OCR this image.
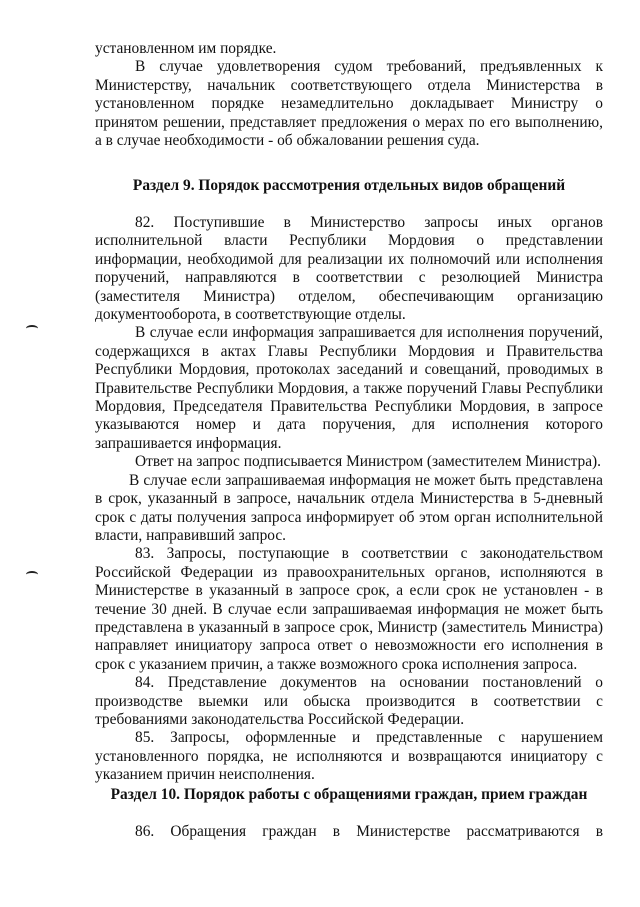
установленном им порядке.

В случае удовлетворения судом требований, предъявленных к Министерству, начальник соответствующего отдела Министерства в установленном порядке незамедлительно докладывает Министру о принятом решении, представляет предложения о мерах по его выполнению, а в случае необходимости - об обжаловании решения суда.

Раздел 9. Порядок рассмотрения отдельных видов обращений

82. Поступившие в Министерство запросы иных органов исполнительной власти Республики Мордовия о представлении информации, необходимой для реализации их полномочий или исполнения поручений, направляются в соответствии с резолюцией Министра (заместителя Министра) отделом, обеспечивающим организацию документооборота, в соответствующие отделы.

В случае если информация запрашивается для исполнения поручений, содержащихся в актах Главы Республики Мордовия и Правительства Республики Мордовия, протоколах заседаний и совещаний, проводимых в Правительстве Республики Мордовия, а также поручений Главы Республики Мордовия, Председателя Правительства Республики Мордовия, в запросе указываются номер и дата поручения, для исполнения которого запрашивается информация.

Ответ на запрос подписывается Министром (заместителем Министра).

В случае если запрашиваемая информация не может быть представлена в срок, указанный в запросе, начальник отдела Министерства в 5-дневный срок с даты получения запроса информирует об этом орган исполнительной власти, направивший запрос.

83. Запросы, поступающие в соответствии с законодательством Российской Федерации из правоохранительных органов, исполняются в Министерстве в указанный в запросе срок, а если срок не установлен - в течение 30 дней. В случае если запрашиваемая информация не может быть представлена в указанный в запросе срок, Министр (заместитель Министра) направляет инициатору запроса ответ о невозможности его исполнения в срок с указанием причин, а также возможного срока исполнения запроса.

84. Представление документов на основании постановлений о производстве выемки или обыска производится в соответствии с требованиями законодательства Российской Федерации.

85. Запросы, оформленные и представленные с нарушением установленного порядка, не исполняются и возвращаются инициатору с указанием причин неисполнения.

Раздел 10. Порядок работы с обращениями граждан, прием граждан

86. Обращения граждан в Министерстве рассматриваются в
